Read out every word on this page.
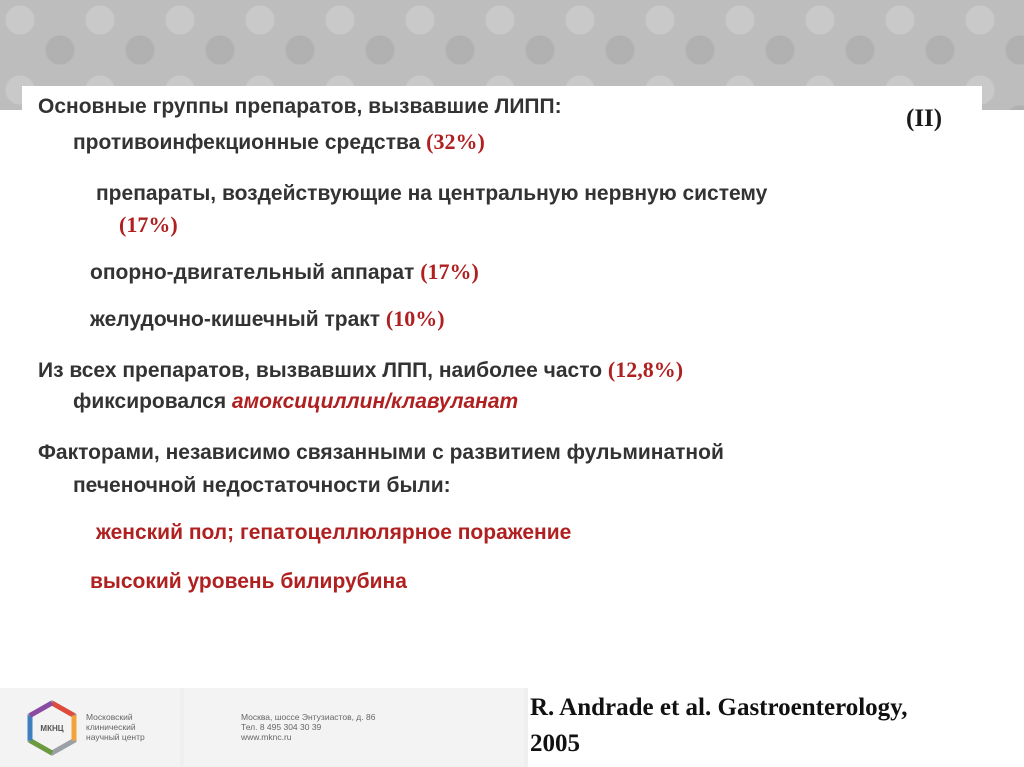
(II)
Основные группы препаратов, вызвавшие ЛИПП:
противоинфекционные средства (32%)
препараты, воздействующие на центральную нервную систему
(17%)
опорно-двигательный аппарат (17%)
желудочно-кишечный тракт (10%)
Из всех препаратов, вызвавших ЛПП, наиболее часто (12,8%)
фиксировался амоксициллин/клавуланат
Факторами, независимо связанными с развитием фульминатной
печеночной недостаточности были:
женский пол; гепатоцеллюлярное поражение
высокий уровень билирубина
МКНЦ
Московский
клинический
научный центр
Москва, шоссе Энтузиастов, д. 86
Тел. 8 495 304 30 39
www.mknc.ru
R. Andrade et al. Gastroenterology,
2005
